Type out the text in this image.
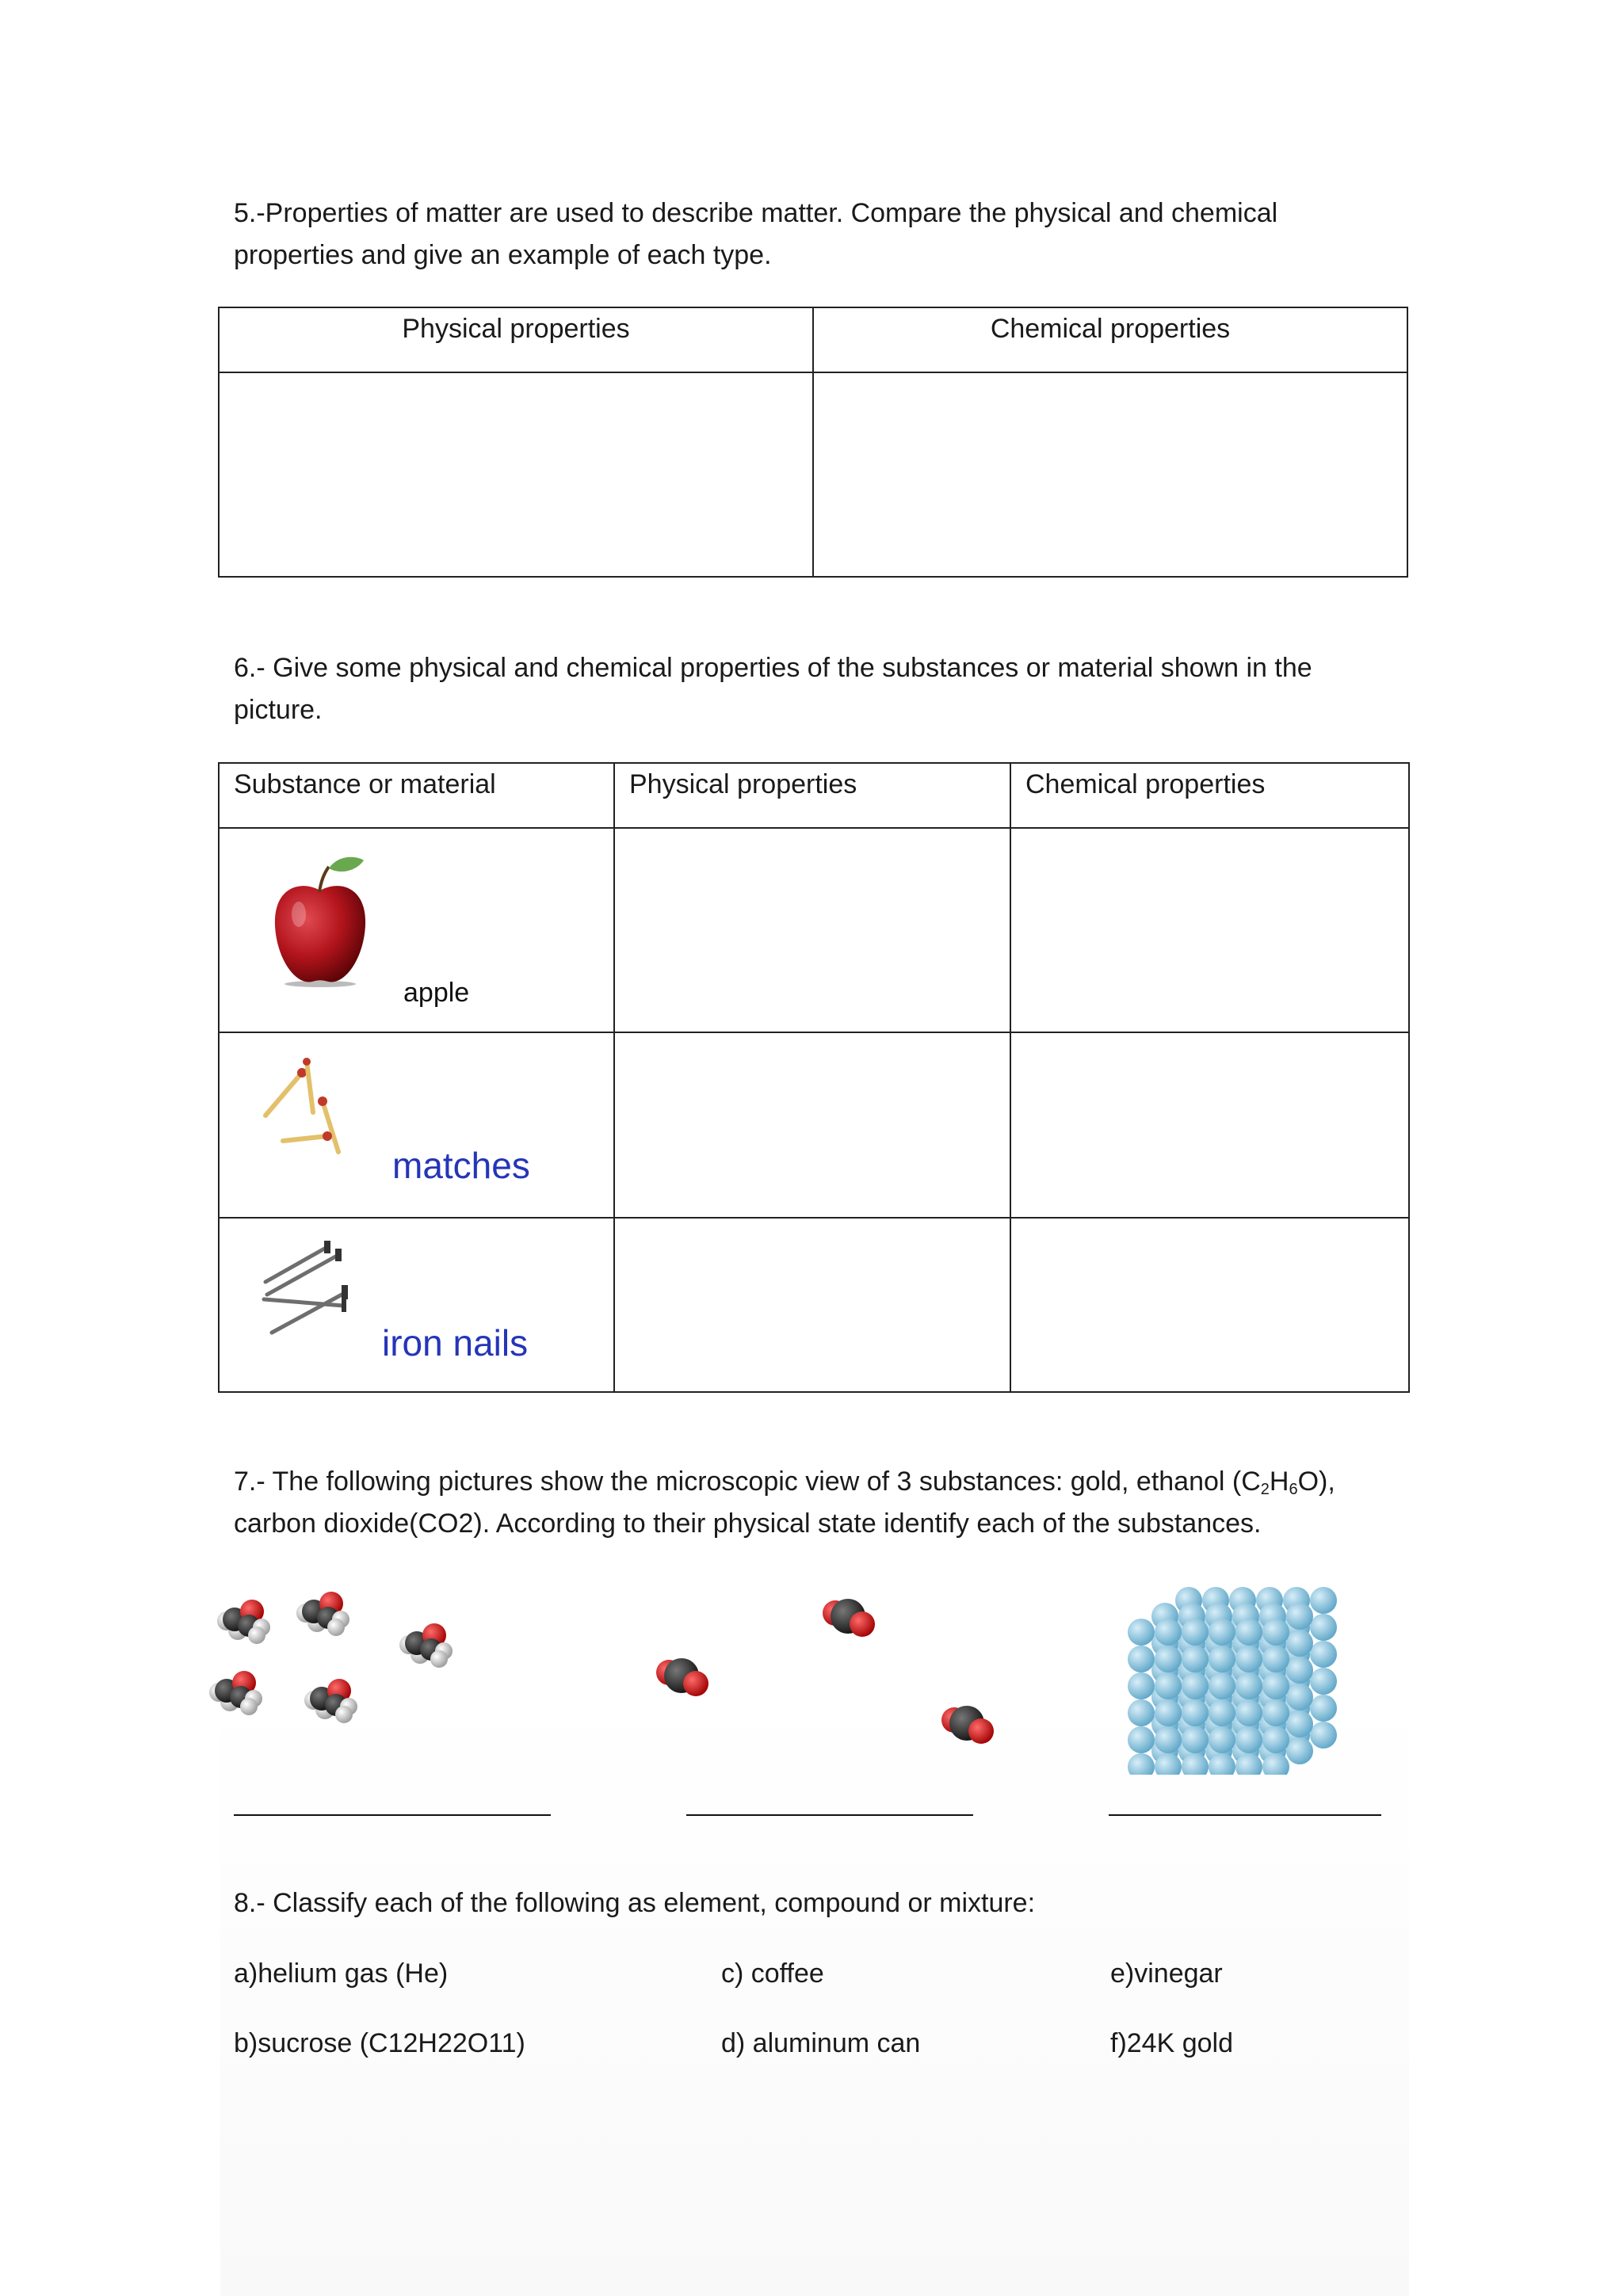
5.-Properties of matter are used to describe matter. Compare the physical and chemical properties and give an example of each type.

Physical properties	Chemical properties

6.- Give some physical and chemical properties of the substances or material shown in the picture.

Substance or material	Physical properties	Chemical properties

apple		

matches		

iron nails		

7.- The following pictures show the microscopic view of 3 substances: gold, ethanol $(C_2H_6O)$, carbon dioxide(CO2). According to their physical state identify each of the substances.

8.- Classify each of the following as element, compound or mixture:

a)helium gas (He)	c) coffee	e)vinegar

b)sucrose (C12H22O11)	d) aluminum can	f)24K gold
